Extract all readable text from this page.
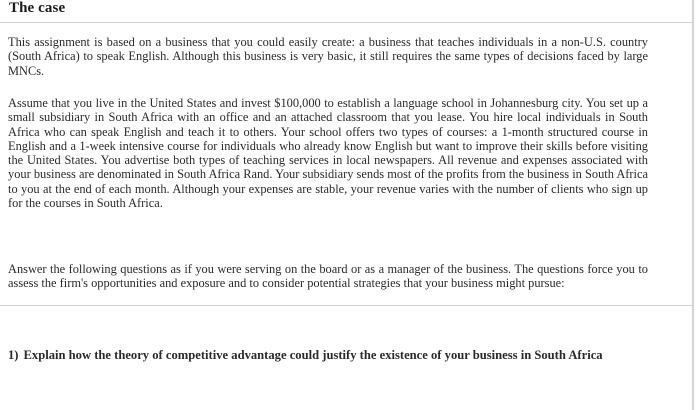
The case

This assignment is based on a business that you could easily create: a business that teaches individuals in a non-U.S. country (South Africa) to speak English. Although this business is very basic, it still requires the same types of decisions faced by large MNCs.

Assume that you live in the United States and invest $100,000 to establish a language school in Johannesburg city. You set up a small subsidiary in South Africa with an office and an attached classroom that you lease. You hire local individuals in South Africa who can speak English and teach it to others. Your school offers two types of courses: a 1-month structured course in English and a 1-week intensive course for individuals who already know English but want to improve their skills before visiting the United States. You advertise both types of teaching services in local newspapers. All revenue and expenses associated with your business are denominated in South Africa Rand. Your subsidiary sends most of the profits from the business in South Africa to you at the end of each month. Although your expenses are stable, your revenue varies with the number of clients who sign up for the courses in South Africa.

Answer the following questions as if you were serving on the board or as a manager of the business. The questions force you to assess the firm's opportunities and exposure and to consider potential strategies that your business might pursue:

1) Explain how the theory of competitive advantage could justify the existence of your business in South Africa
